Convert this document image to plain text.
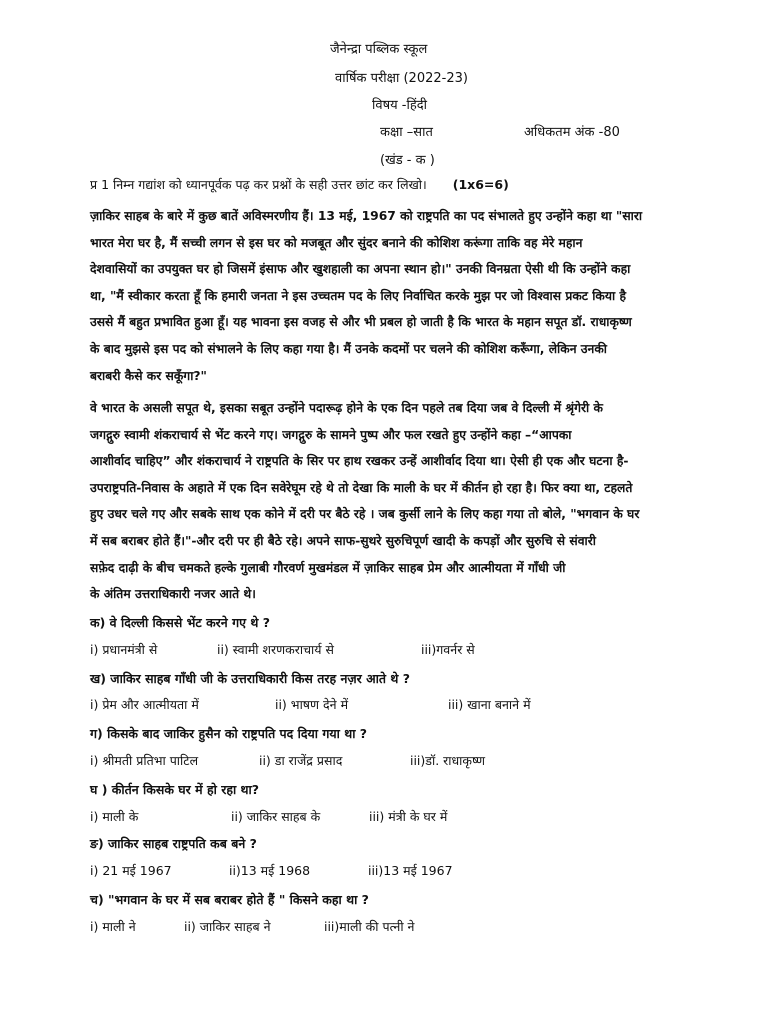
जैनेन्द्रा पब्लिक स्कूल
वार्षिक परीक्षा (2022-23)
विषय -हिंदी
कक्षा –सात	अधिकतम अंक -80
(खंड - क )
प्र 1 निम्न गद्यांश को ध्यानपूर्वक पढ़ कर प्रश्नों के सही उत्तर छांट कर लिखो। (1x6=6)
ज़ाकिर साहब के बारे में कुछ बातें अविस्मरणीय हैं। 13 मई, 1967 को राष्ट्रपति का पद संभालते हुए उन्होंने कहा था "सारा
भारत मेरा घर है, मैं सच्ची लगन से इस घर को मजबूत और सुंदर बनाने की कोशिश करूंगा ताकि वह मेरे महान
देशवासियों का उपयुक्त घर हो जिसमें इंसाफ और खुशहाली का अपना स्थान हो।" उनकी विनम्रता ऐसी थी कि उन्होंने कहा
था, "मैं स्वीकार करता हूँ कि हमारी जनता ने इस उच्चतम पद के लिए निर्वाचित करके मुझ पर जो विश्वास प्रकट किया है
उससे मैं बहुत प्रभावित हुआ हूँ। यह भावना इस वजह से और भी प्रबल हो जाती है कि भारत के महान सपूत डॉ. राधाकृष्ण
के बाद मुझसे इस पद को संभालने के लिए कहा गया है। मैं उनके कदमों पर चलने की कोशिश करूँगा, लेकिन उनकी
बराबरी कैसे कर सकूँगा?"
वे भारत के असली सपूत थे, इसका सबूत उन्होंने पदारूढ़ होने के एक दिन पहले तब दिया जब वे दिल्ली में श्रृंगेरी के
जगद्गुरु स्वामी शंकराचार्य से भेंट करने गए। जगद्गुरु के सामने पुष्प और फल रखते हुए उन्होंने कहा –“आपका
आशीर्वाद चाहिए” और शंकराचार्य ने राष्ट्रपति के सिर पर हाथ रखकर उन्हें आशीर्वाद दिया था। ऐसी ही एक और घटना है-
उपराष्ट्रपति-निवास के अहाते में एक दिन सवेरेघूम रहे थे तो देखा कि माली के घर में कीर्तन हो रहा है। फिर क्या था, टहलते
हुए उधर चले गए और सबके साथ एक कोने में दरी पर बैठे रहे । जब कुर्सी लाने के लिए कहा गया तो बोले, "भगवान के घर
में सब बराबर होते हैं।"-और दरी पर ही बैठे रहे। अपने साफ-सुथरे सुरुचिपूर्ण खादी के कपड़ों और सुरुचि से संवारी
सफ़ेद दाढ़ी के बीच चमकते हल्के गुलाबी गौरवर्ण मुखमंडल में ज़ाकिर साहब प्रेम और आत्मीयता में गाँधी जी
के अंतिम उत्तराधिकारी नजर आते थे।
क) वे दिल्ली किससे भेंट करने गए थे ?
i) प्रधानमंत्री से	ii) स्वामी शरणकराचार्य से	iii)गवर्नर से
ख) जाकिर साहब गाँधी जी के उत्तराधिकारी किस तरह नज़र आते थे ?
i) प्रेम और आत्मीयता में	ii) भाषण देने में	iii) खाना बनाने में
ग) किसके बाद जाकिर हुसैन को राष्ट्रपति पद दिया गया था ?
i) श्रीमती प्रतिभा पाटिल	ii) डा राजेंद्र प्रसाद	iii)डॉ. राधाकृष्ण
घ ) कीर्तन किसके घर में हो रहा था?
i) माली के	ii) जाकिर साहब के	iii) मंत्री के घर में
ङ) जाकिर साहब राष्ट्रपति कब बने ?
i) 21 मई 1967	ii)13 मई 1968	iii)13 मई 1967
च) "भगवान के घर में सब बराबर होते हैं " किसने कहा था ?
i) माली ने	ii) जाकिर साहब ने	iii)माली की पत्नी ने
